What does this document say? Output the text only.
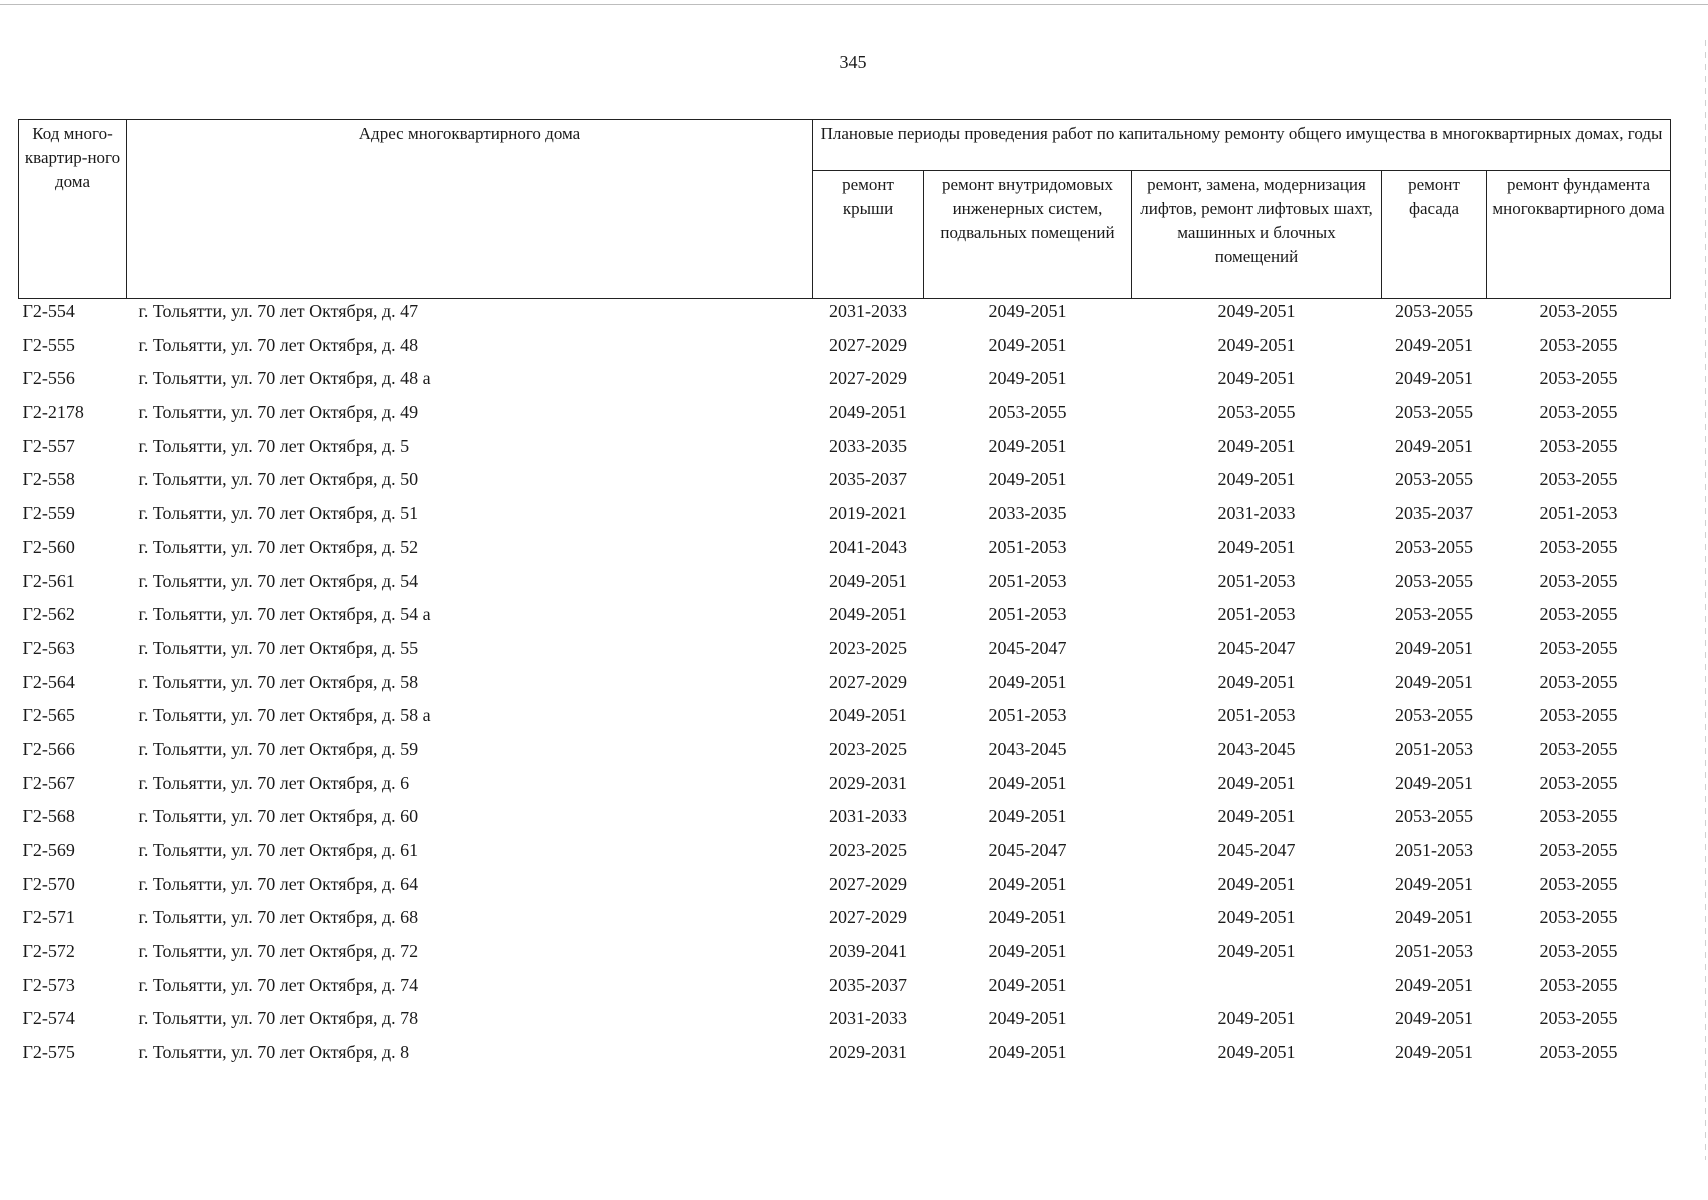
345
Код много-квартир-ного дома	Адрес многоквартирного дома	Плановые периоды проведения работ по капитальному ремонту общего имущества в многоквартирных домах, годы				
		ремонт крыши	ремонт внутридомовых инженерных систем, подвальных помещений	ремонт, замена, модернизация лифтов, ремонт лифтовых шахт, машинных и блочных помещений	ремонт фасада	ремонт фундамента многоквартирного дома
Г2-554	г. Тольятти, ул. 70 лет Октября, д. 47	2031-2033	2049-2051	2049-2051	2053-2055	2053-2055
Г2-555	г. Тольятти, ул. 70 лет Октября, д. 48	2027-2029	2049-2051	2049-2051	2049-2051	2053-2055
Г2-556	г. Тольятти, ул. 70 лет Октября, д. 48 а	2027-2029	2049-2051	2049-2051	2049-2051	2053-2055
Г2-2178	г. Тольятти, ул. 70 лет Октября, д. 49	2049-2051	2053-2055	2053-2055	2053-2055	2053-2055
Г2-557	г. Тольятти, ул. 70 лет Октября, д. 5	2033-2035	2049-2051	2049-2051	2049-2051	2053-2055
Г2-558	г. Тольятти, ул. 70 лет Октября, д. 50	2035-2037	2049-2051	2049-2051	2053-2055	2053-2055
Г2-559	г. Тольятти, ул. 70 лет Октября, д. 51	2019-2021	2033-2035	2031-2033	2035-2037	2051-2053
Г2-560	г. Тольятти, ул. 70 лет Октября, д. 52	2041-2043	2051-2053	2049-2051	2053-2055	2053-2055
Г2-561	г. Тольятти, ул. 70 лет Октября, д. 54	2049-2051	2051-2053	2051-2053	2053-2055	2053-2055
Г2-562	г. Тольятти, ул. 70 лет Октября, д. 54 а	2049-2051	2051-2053	2051-2053	2053-2055	2053-2055
Г2-563	г. Тольятти, ул. 70 лет Октября, д. 55	2023-2025	2045-2047	2045-2047	2049-2051	2053-2055
Г2-564	г. Тольятти, ул. 70 лет Октября, д. 58	2027-2029	2049-2051	2049-2051	2049-2051	2053-2055
Г2-565	г. Тольятти, ул. 70 лет Октября, д. 58 а	2049-2051	2051-2053	2051-2053	2053-2055	2053-2055
Г2-566	г. Тольятти, ул. 70 лет Октября, д. 59	2023-2025	2043-2045	2043-2045	2051-2053	2053-2055
Г2-567	г. Тольятти, ул. 70 лет Октября, д. 6	2029-2031	2049-2051	2049-2051	2049-2051	2053-2055
Г2-568	г. Тольятти, ул. 70 лет Октября, д. 60	2031-2033	2049-2051	2049-2051	2053-2055	2053-2055
Г2-569	г. Тольятти, ул. 70 лет Октября, д. 61	2023-2025	2045-2047	2045-2047	2051-2053	2053-2055
Г2-570	г. Тольятти, ул. 70 лет Октября, д. 64	2027-2029	2049-2051	2049-2051	2049-2051	2053-2055
Г2-571	г. Тольятти, ул. 70 лет Октября, д. 68	2027-2029	2049-2051	2049-2051	2049-2051	2053-2055
Г2-572	г. Тольятти, ул. 70 лет Октября, д. 72	2039-2041	2049-2051	2049-2051	2051-2053	2053-2055
Г2-573	г. Тольятти, ул. 70 лет Октября, д. 74	2035-2037	2049-2051		2049-2051	2053-2055
Г2-574	г. Тольятти, ул. 70 лет Октября, д. 78	2031-2033	2049-2051	2049-2051	2049-2051	2053-2055
Г2-575	г. Тольятти, ул. 70 лет Октября, д. 8	2029-2031	2049-2051	2049-2051	2049-2051	2053-2055
